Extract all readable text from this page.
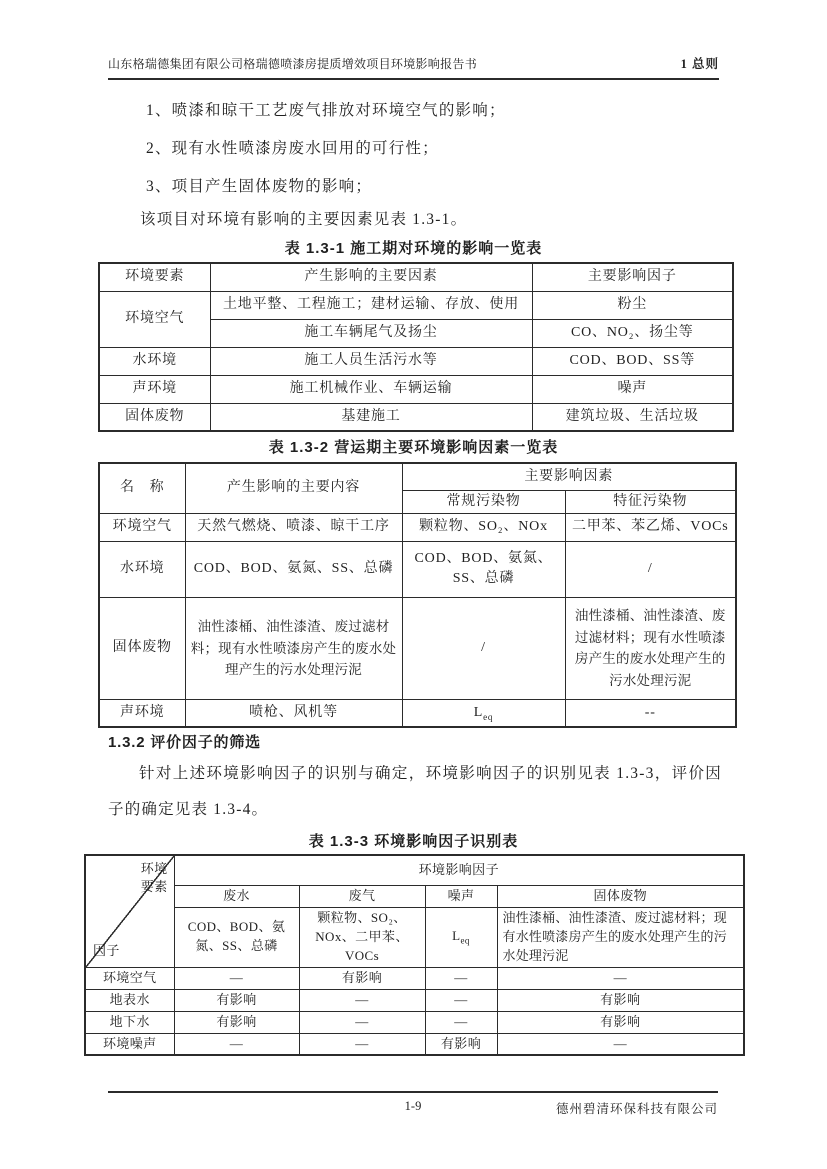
山东格瑞德集团有限公司格瑞德喷漆房提质增效项目环境影响报告书	1 总则

1、喷漆和晾干工艺废气排放对环境空气的影响；

2、现有水性喷漆房废水回用的可行性；

3、项目产生固体废物的影响；

该项目对环境有影响的主要因素见表 1.3-1。

表 1.3-1 施工期对环境的影响一览表

环境要素	产生影响的主要因素	主要影响因子
环境空气	土地平整、工程施工；建材运输、存放、使用	粉尘
	施工车辆尾气及扬尘	CO、NO₂、扬尘等
水环境	施工人员生活污水等	COD、BOD、SS等
声环境	施工机械作业、车辆运输	噪声
固体废物	基建施工	建筑垃圾、生活垃圾

表 1.3-2 营运期主要环境影响因素一览表

名　称	产生影响的主要内容	主要影响因素	
		常规污染物	特征污染物
环境空气	天然气燃烧、喷漆、晾干工序	颗粒物、SO₂、NOx	二甲苯、苯乙烯、VOCs
水环境	COD、BOD、氨氮、SS、总磷	COD、BOD、氨氮、SS、总磷	/
固体废物	油性漆桶、油性漆渣、废过滤材料；现有水性喷漆房产生的废水处理产生的污水处理污泥	/	油性漆桶、油性漆渣、废过滤材料；现有水性喷漆房产生的废水处理产生的污水处理污泥
声环境	喷枪、风机等	$L_{eq}$	--

1.3.2 评价因子的筛选

针对上述环境影响因子的识别与确定，环境影响因子的识别见表 1.3-3，评价因子的确定见表 1.3-4。

表 1.3-3 环境影响因子识别表

环境要素
因子	环境影响因子			
	废水	废气	噪声	固体废物
	COD、BOD、氨氮、SS、总磷	颗粒物、SO₂、NOx、二甲苯、VOCs	$L_{eq}$	油性漆桶、油性漆渣、废过滤材料；现有水性喷漆房产生的废水处理产生的污水处理污泥
环境空气	—	有影响	—	—
地表水	有影响	—	—	有影响
地下水	有影响	—	—	有影响
环境噪声	—	—	有影响	—
1-9	德州碧清环保科技有限公司
